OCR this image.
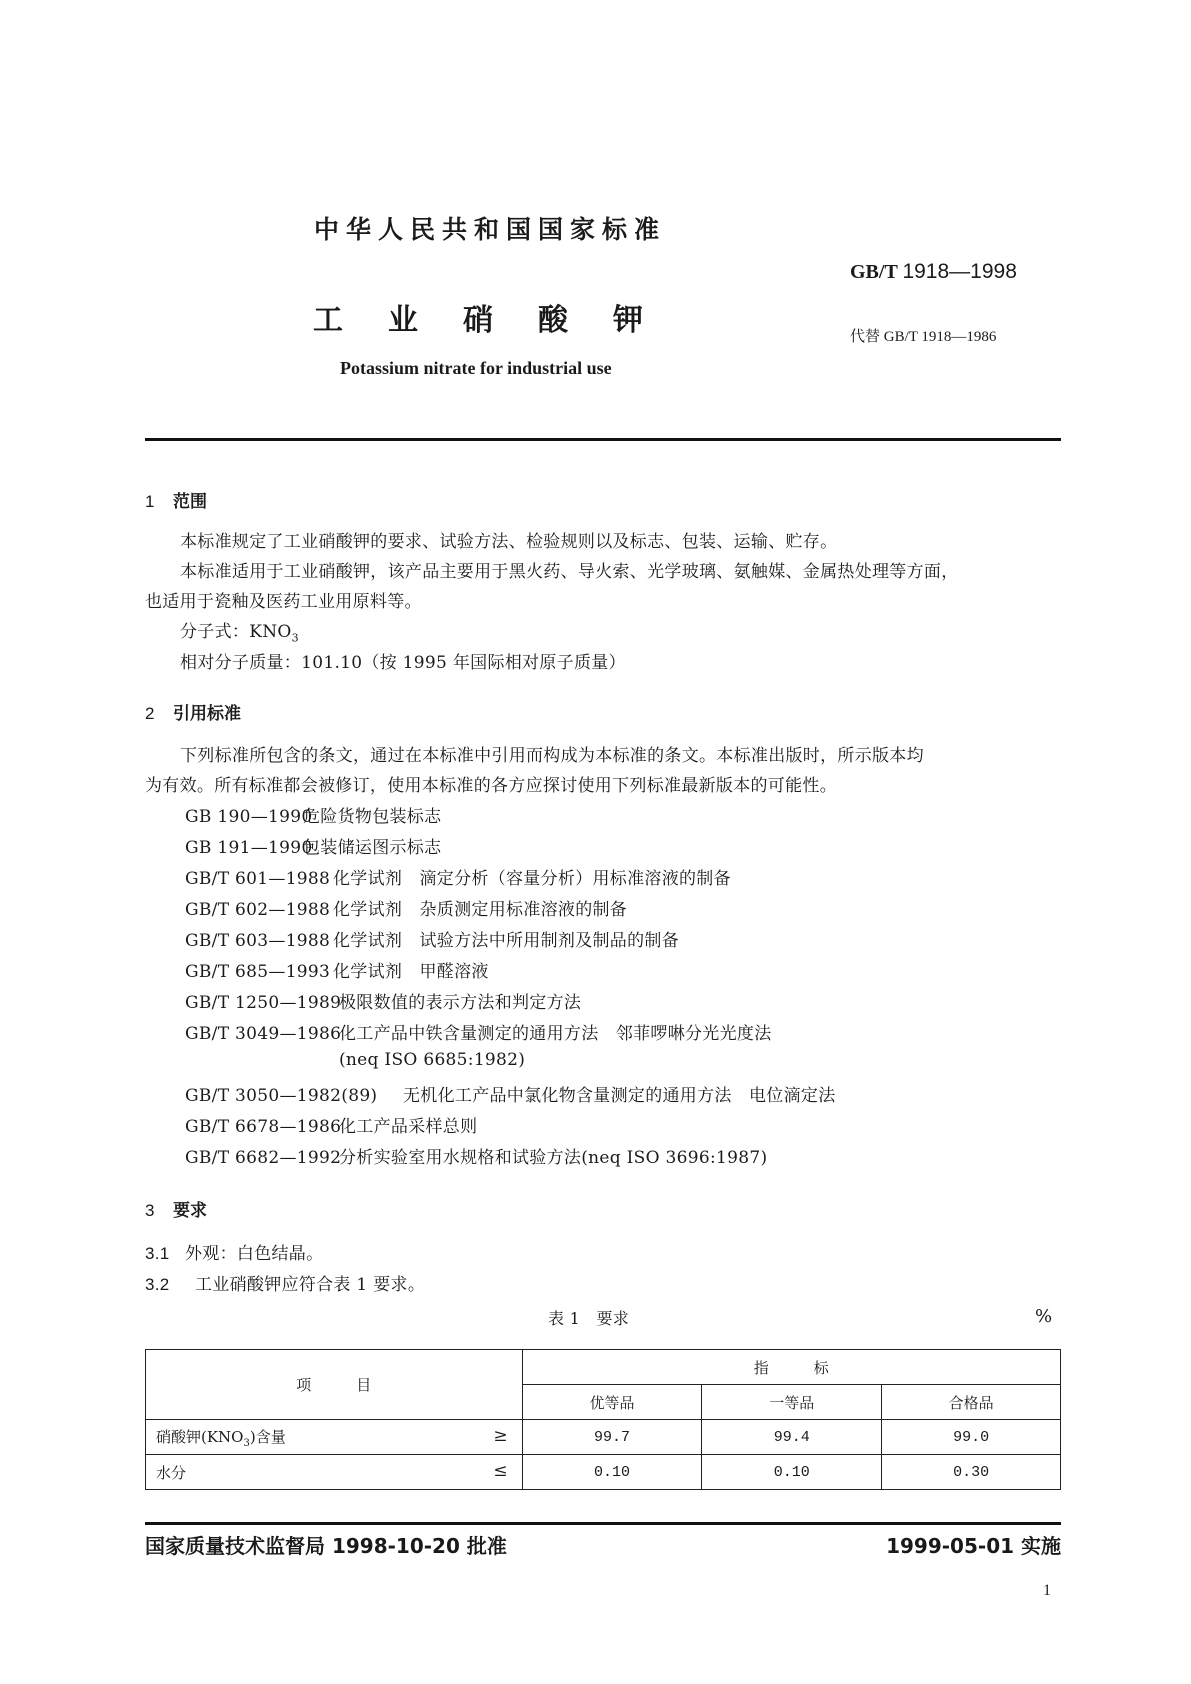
中华人民共和国国家标准
GB/T 1918—1998
工 业 硝 酸 钾	代替 GB/T 1918—1986
Potassium nitrate for industrial use
1 范围
本标准规定了工业硝酸钾的要求、试验方法、检验规则以及标志、包装、运输、贮存。
本标准适用于工业硝酸钾，该产品主要用于黑火药、导火索、光学玻璃、氨触媒、金属热处理等方面，
也适用于瓷釉及医药工业用原料等。
分子式：$KNO_3$
相对分子质量：101.10（按 1995 年国际相对原子质量）
2 引用标准
下列标准所包含的条文，通过在本标准中引用而构成为本标准的条文。本标准出版时，所示版本均
为有效。所有标准都会被修订，使用本标准的各方应探讨使用下列标准最新版本的可能性。
GB 190—1990危险货物包装标志
GB 191—1990包装储运图示标志
GB/T 601—1988 化学试剂　滴定分析（容量分析）用标准溶液的制备
GB/T 602—1988 化学试剂　杂质测定用标准溶液的制备
GB/T 603—1988 化学试剂　试验方法中所用制剂及制品的制备
GB/T 685—1993 化学试剂　甲醛溶液
GB/T 1250—1989极限数值的表示方法和判定方法
GB/T 3049—1986化工产品中铁含量测定的通用方法　邻菲啰啉分光光度法
(neq ISO 6685:1982)
GB/T 3050—1982(89) 无机化工产品中氯化物含量测定的通用方法　电位滴定法
GB/T 6678—1986化工产品采样总则
GB/T 6682—1992分析实验室用水规格和试验方法(neq ISO 3696:1987)
3 要求
3.1 外观：白色结晶。
3.2 工业硝酸钾应符合表 1 要求。
表 1　要求	%
项　　　目	指　　　标		
	优等品	一等品	合格品
硝酸钾$(KNO_3)$含量 ≥	99.7	99.4	99.0
水分 ≤	0.10	0.10	0.30
国家质量技术监督局 1998-10-20 批准	1999-05-01 实施
1
